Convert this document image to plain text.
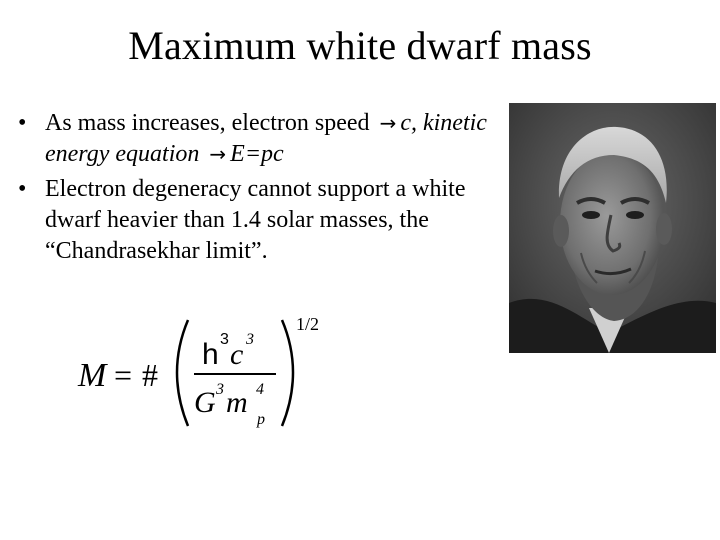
Maximum white dwarf mass
• As mass increases, electron speed → c, kinetic energy equation → E=pc
• Electron degeneracy cannot support a white dwarf heavier than 1.4 solar masses, the “Chandrasekhar limit”.
M = #
h 3 c 3
G 3 m 4
p
1/2
